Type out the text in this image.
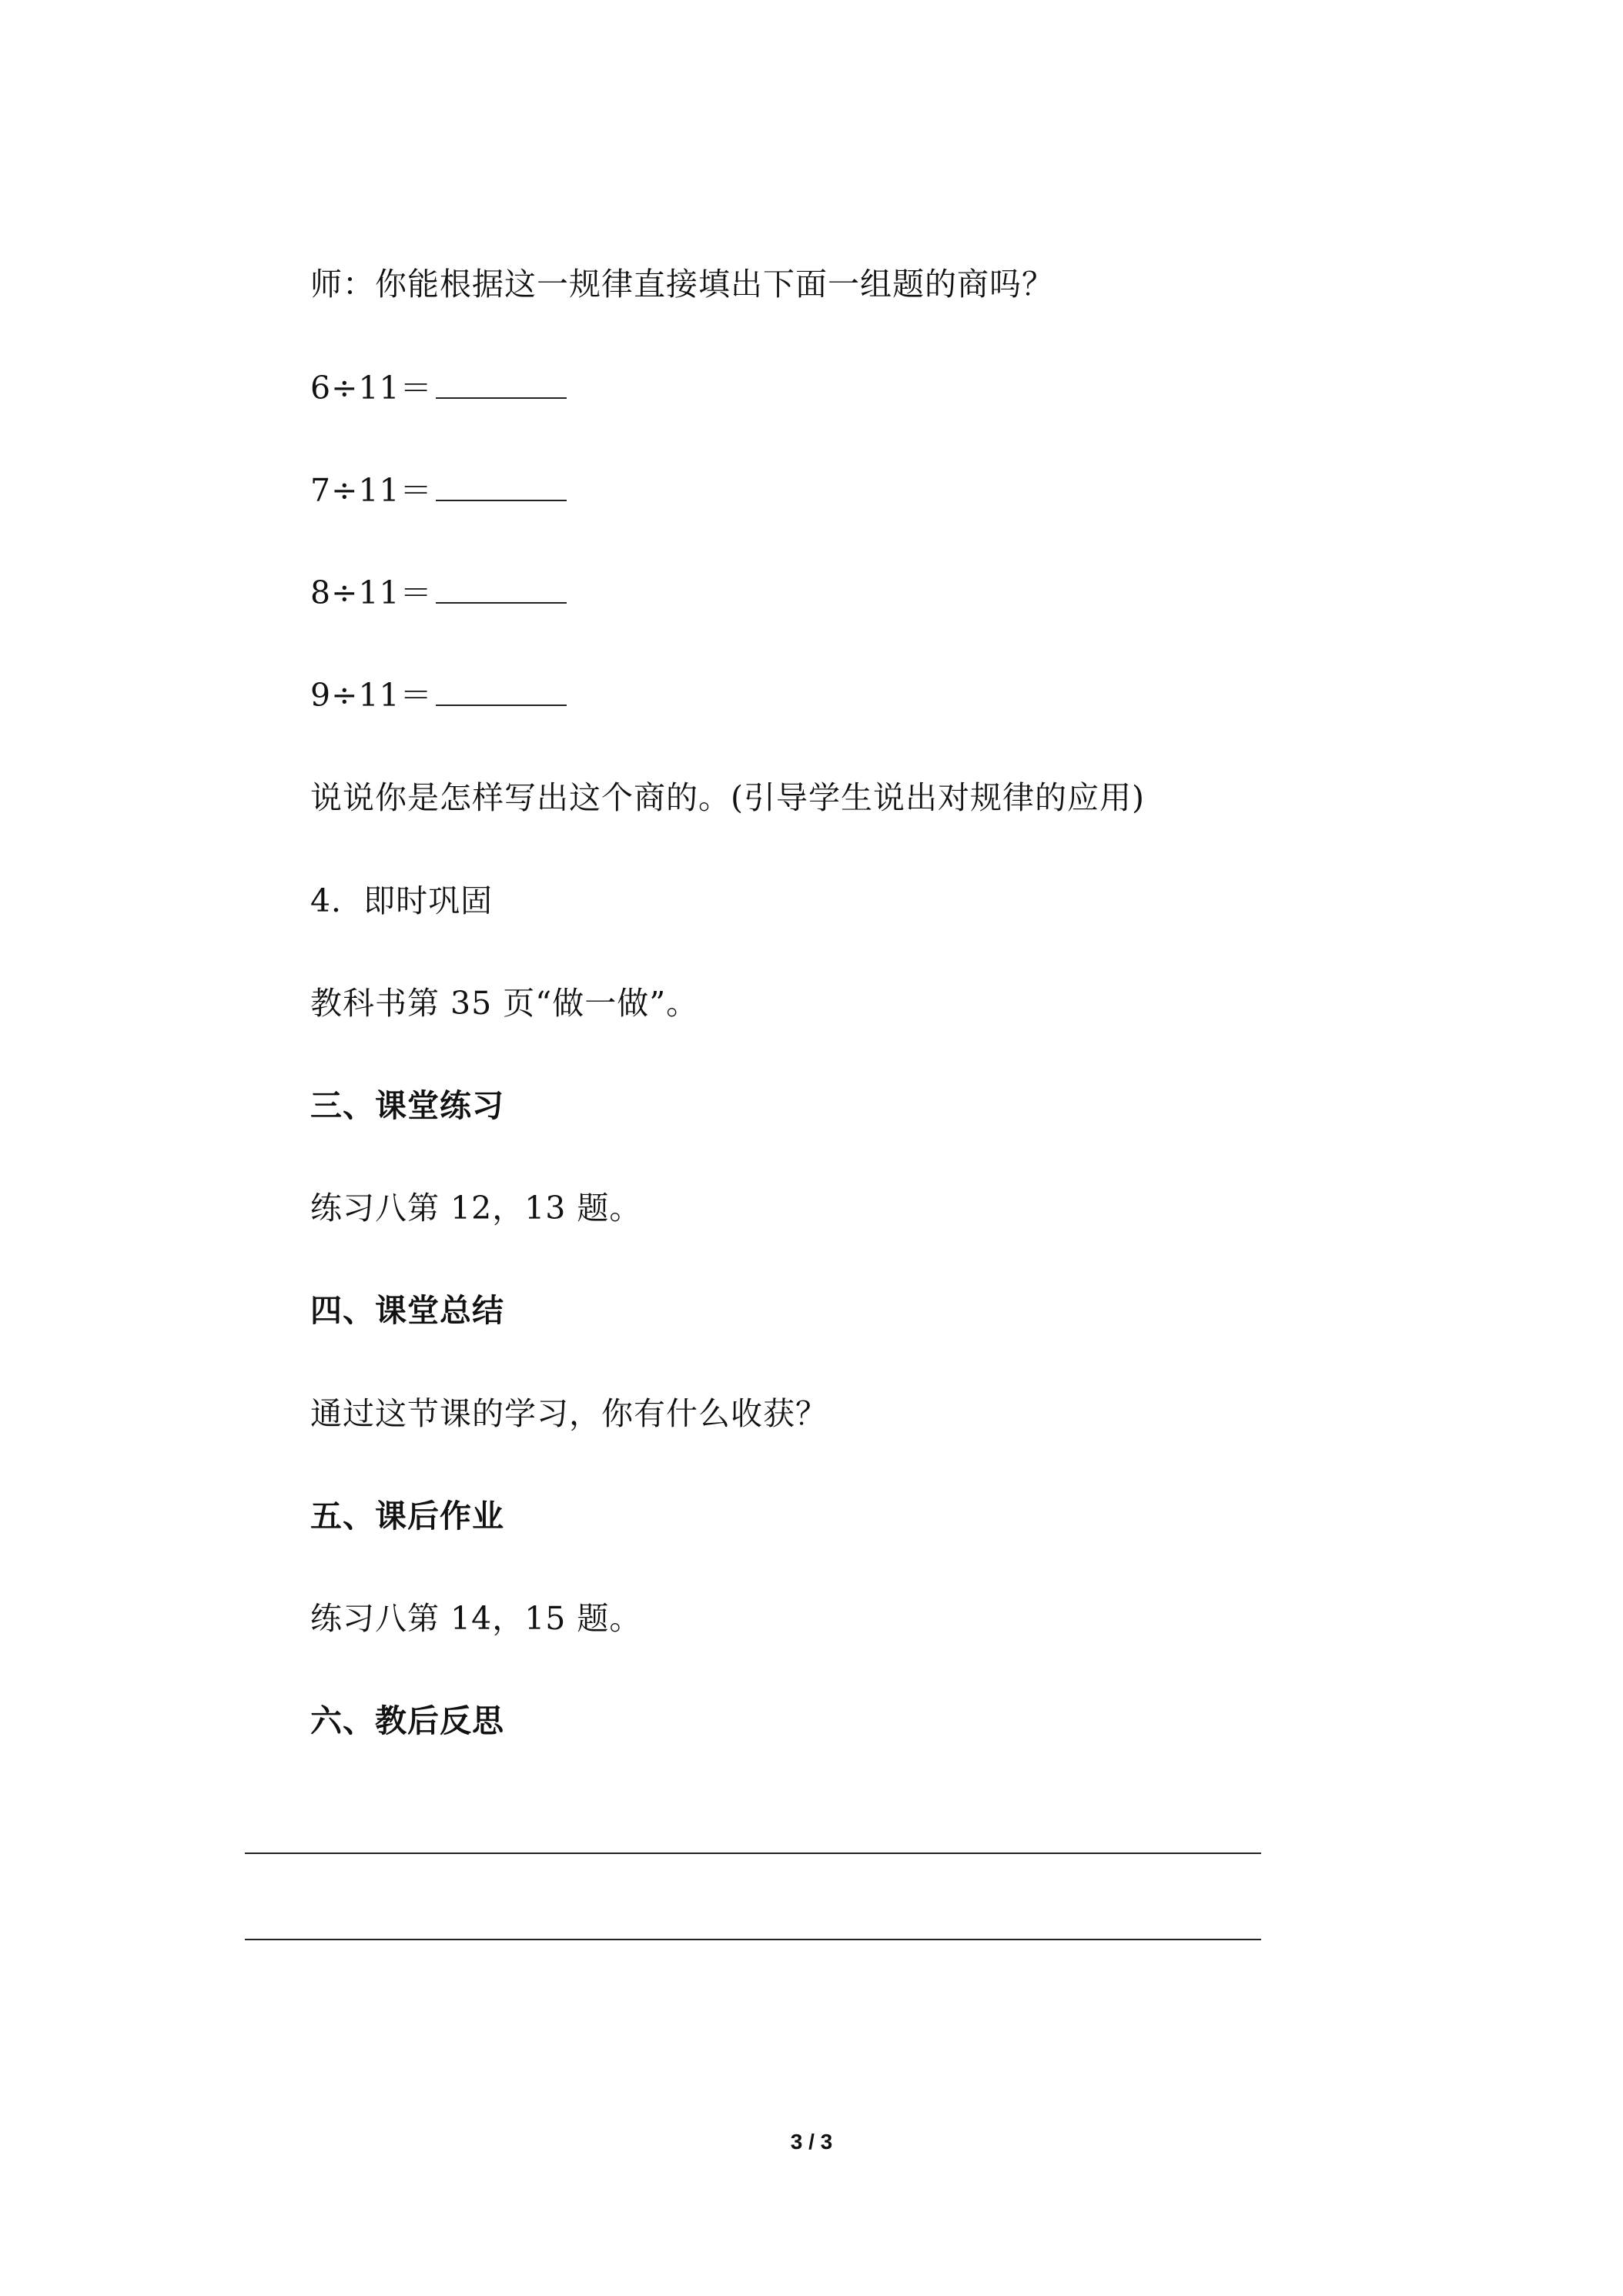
师：你能根据这一规律直接填出下面一组题的商吗？
6÷11＝
7÷11＝
8÷11＝
9÷11＝
说说你是怎样写出这个商的。(引导学生说出对规律的应用)
4．即时巩固
教科书第 35 页“做一做”。
三、课堂练习
练习八第 12，13 题。
四、课堂总结
通过这节课的学习，你有什么收获？
五、课后作业
练习八第 14，15 题。
六、教后反思
3 / 3
